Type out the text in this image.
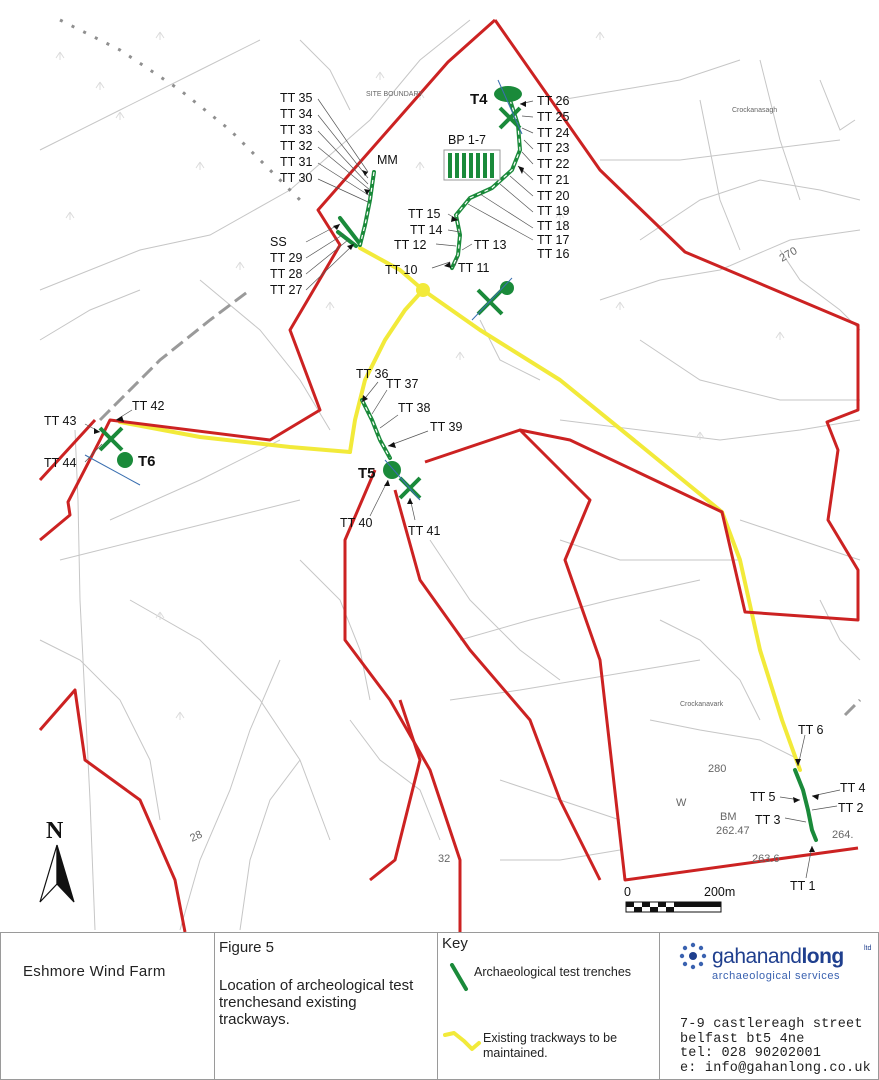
SITE BOUNDARY
Crockanasagh
Crockanavark
270
280
W
BM
262.47
263.6
264.
28
32
T4
T5
T6
BP 1-7
MM
SS
TT 35
TT 34
TT 33
TT 32
TT 31
TT 30
TT 29
TT 28
TT 27
TT 26
TT 25
TT 24
TT 23
TT 22
TT 21
TT 20
TT 19
TT 18
TT 17
TT 16
TT 15
TT 14
TT 12	TT 13
TT 10	TT 11
TT 36
TT 37
TT 38
TT 39
TT 40
TT 41
TT 42
TT 43
TT 44
TT 6
TT 4
TT 2
TT 5
TT 3
TT 1
N
0	200m
Eshmore Wind Farm
Figure 5
Location of archeological test trenchesand existing trackways.
Key
Archaeological test trenches
Existing trackways to be maintained.
gahanandlong	ltd
archaeological services
7-9 castlereagh street
belfast bt5 4ne
tel: 028 90202001
e: info@gahanlong.co.uk
